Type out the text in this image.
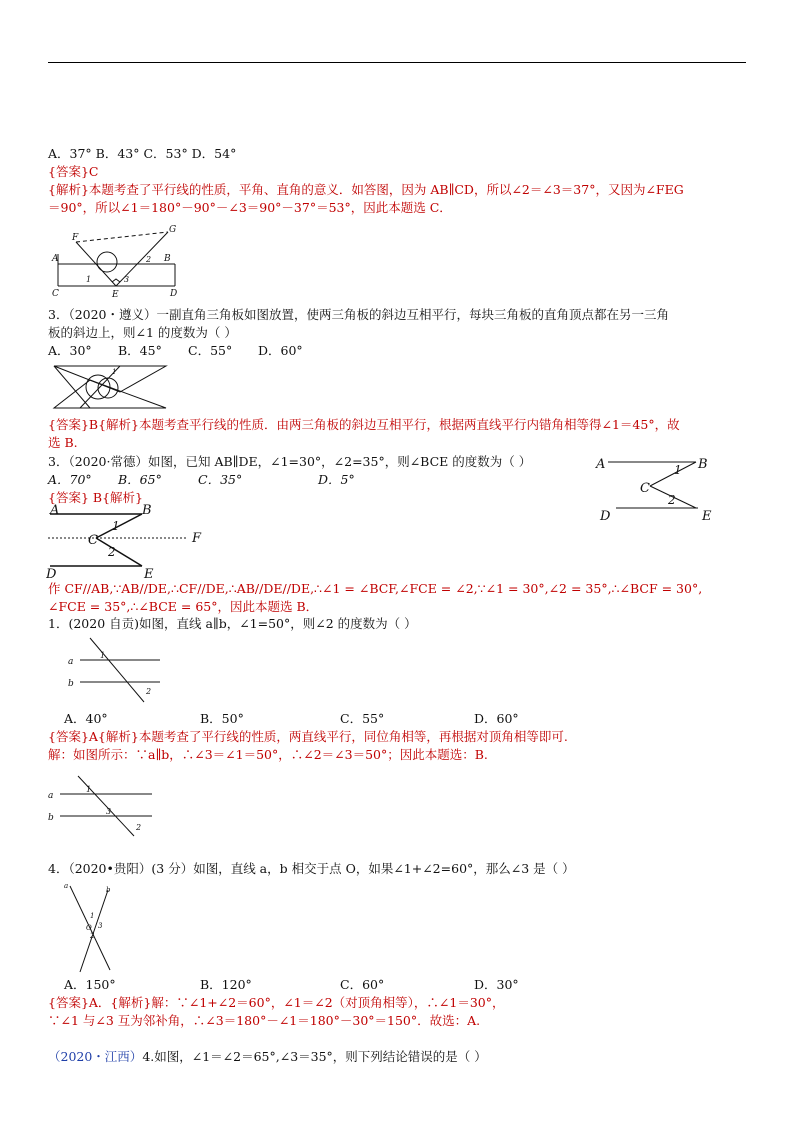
A．37° B．43° C．53° D．54°
{答案}C
{解析}本题考查了平行线的性质，平角、直角的意义．如答图，因为 AB∥CD，所以∠2＝∠3＝37°，又因为∠FEG
＝90°，所以∠1＝180°－90°－∠3＝90°－37°＝53°，因此本题选 C．
F
G
A	B
C	D
E
1
2
3
3．（2020・遵义）一副直角三角板如图放置，使两三角板的斜边互相平行，每块三角板的直角顶点都在另一三角
板的斜边上，则∠1 的度数为（ ）
A．30° B．45° C．55° D．60°
1
{答案}B{解析}本题考查平行线的性质．由两三角板的斜边互相平行，根据两直线平行内错角相等得∠1＝45°，故
选 B.
3．（2020·常德）如图，已知 AB∥DE，∠1=30°，∠2=35°，则∠BCE 的度数为（ ）
A．70° B．65°	C．35°	D．5°
{答案} B{解析}
A	B
C
D	E
1
2
A	B
C
D	E
F
1
2
作 CF//AB,∵AB//DE,∴CF//DE,∴AB//DE//DE,∴∠1 = ∠BCF,∠FCE = ∠2,∵∠1 = 30°,∠2 = 35°,∴∠BCF = 30°,
∠FCE = 35°,∴∠BCE = 65°，因此本题选 B．
1．(2020 自贡)如图，直线 a∥b，∠1=50°，则∠2 的度数为（ ）
a
b
1
2
A．40°	B．50°	C．55°	D．60°
{答案}A{解析}本题考查了平行线的性质，两直线平行，同位角相等，再根据对顶角相等即可.
解：如图所示：∵a∥b，∴∠3＝∠1＝50°，∴∠2＝∠3＝50°；因此本题选：B.
a
b
1
3
2
4．（2020•贵阳）(3 分）如图，直线 a，b 相交于点 O，如果∠1+∠2=60°，那么∠3 是（ ）
a	b
O
1
2
3
A．150°	B．120°	C．60°	D．30°
{答案}A．{解析}解：∵∠1+∠2＝60°，∠1＝∠2（对顶角相等），∴∠1＝30°，
∵∠1 与∠3 互为邻补角，∴∠3＝180°－∠1＝180°－30°＝150°．故选：A.
（2020・江西）4.如图，∠1＝∠2＝65°,∠3＝35°，则下列结论错误的是（ ）
